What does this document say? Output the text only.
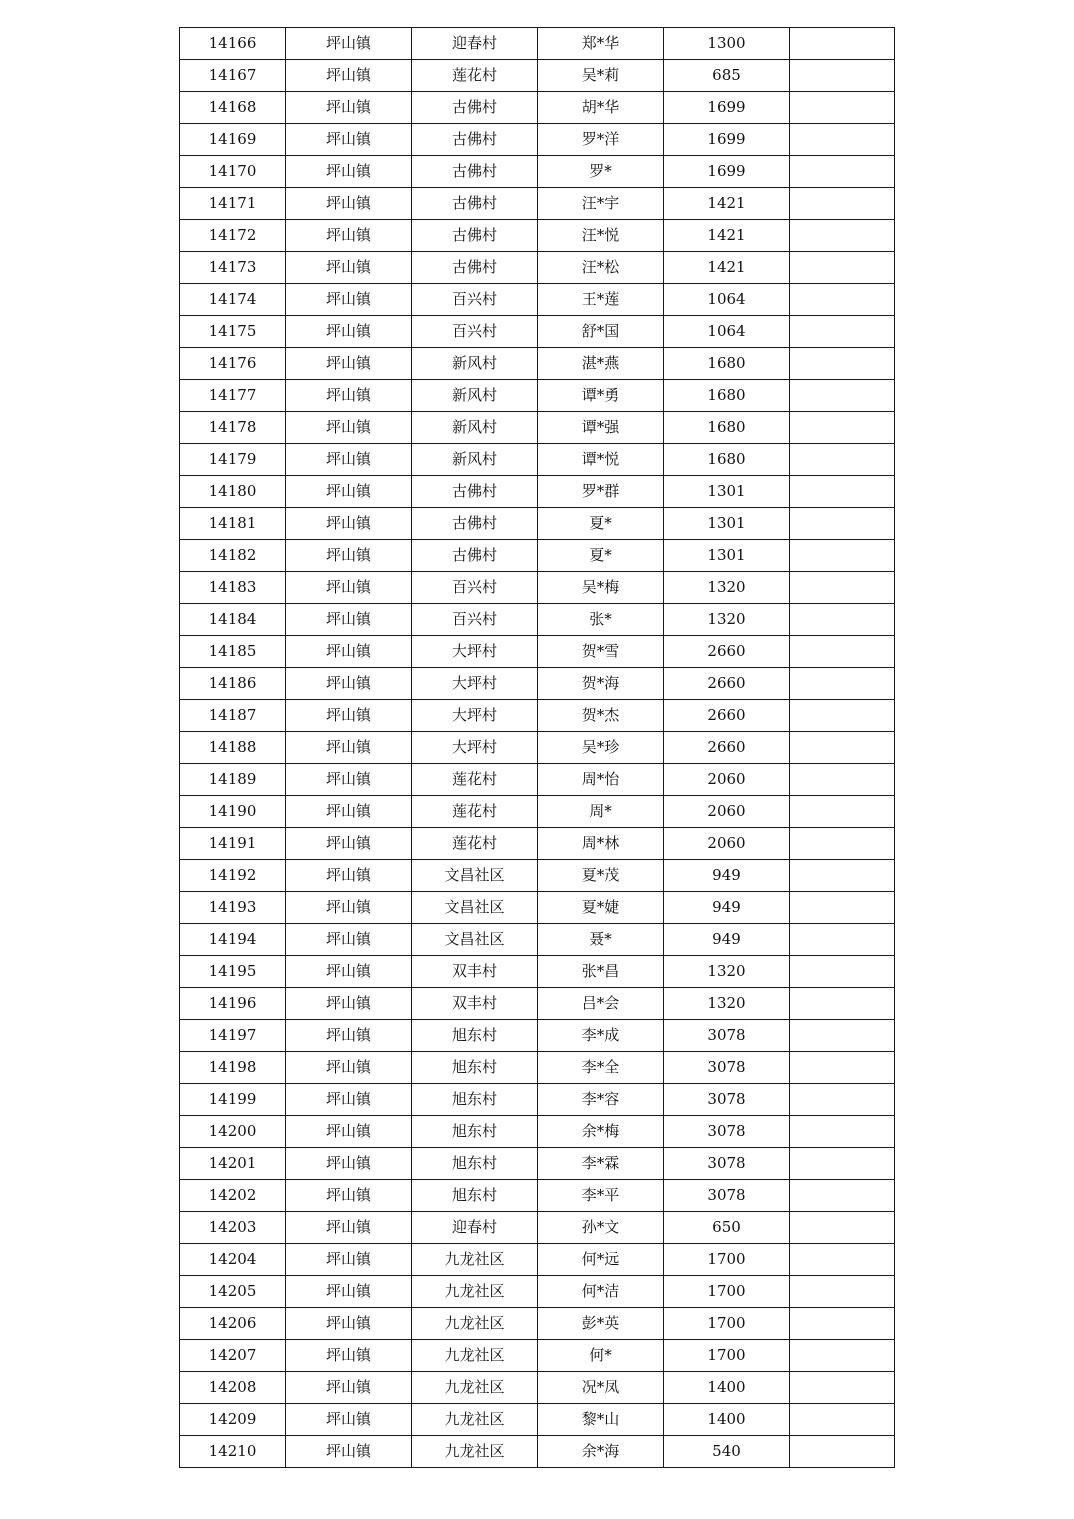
14166	坪山镇	迎春村	郑*华	1300	
14167	坪山镇	莲花村	吴*莉	685	
14168	坪山镇	古佛村	胡*华	1699	
14169	坪山镇	古佛村	罗*洋	1699	
14170	坪山镇	古佛村	罗*	1699	
14171	坪山镇	古佛村	汪*宇	1421	
14172	坪山镇	古佛村	汪*悦	1421	
14173	坪山镇	古佛村	汪*松	1421	
14174	坪山镇	百兴村	王*莲	1064	
14175	坪山镇	百兴村	舒*国	1064	
14176	坪山镇	新风村	湛*燕	1680	
14177	坪山镇	新风村	谭*勇	1680	
14178	坪山镇	新风村	谭*强	1680	
14179	坪山镇	新风村	谭*悦	1680	
14180	坪山镇	古佛村	罗*群	1301	
14181	坪山镇	古佛村	夏*	1301	
14182	坪山镇	古佛村	夏*	1301	
14183	坪山镇	百兴村	吴*梅	1320	
14184	坪山镇	百兴村	张*	1320	
14185	坪山镇	大坪村	贺*雪	2660	
14186	坪山镇	大坪村	贺*海	2660	
14187	坪山镇	大坪村	贺*杰	2660	
14188	坪山镇	大坪村	吴*珍	2660	
14189	坪山镇	莲花村	周*怡	2060	
14190	坪山镇	莲花村	周*	2060	
14191	坪山镇	莲花村	周*林	2060	
14192	坪山镇	文昌社区	夏*茂	949	
14193	坪山镇	文昌社区	夏*婕	949	
14194	坪山镇	文昌社区	聂*	949	
14195	坪山镇	双丰村	张*昌	1320	
14196	坪山镇	双丰村	吕*会	1320	
14197	坪山镇	旭东村	李*成	3078	
14198	坪山镇	旭东村	李*全	3078	
14199	坪山镇	旭东村	李*容	3078	
14200	坪山镇	旭东村	余*梅	3078	
14201	坪山镇	旭东村	李*霖	3078	
14202	坪山镇	旭东村	李*平	3078	
14203	坪山镇	迎春村	孙*文	650	
14204	坪山镇	九龙社区	何*远	1700	
14205	坪山镇	九龙社区	何*洁	1700	
14206	坪山镇	九龙社区	彭*英	1700	
14207	坪山镇	九龙社区	何*	1700	
14208	坪山镇	九龙社区	况*凤	1400	
14209	坪山镇	九龙社区	黎*山	1400	
14210	坪山镇	九龙社区	余*海	540	
